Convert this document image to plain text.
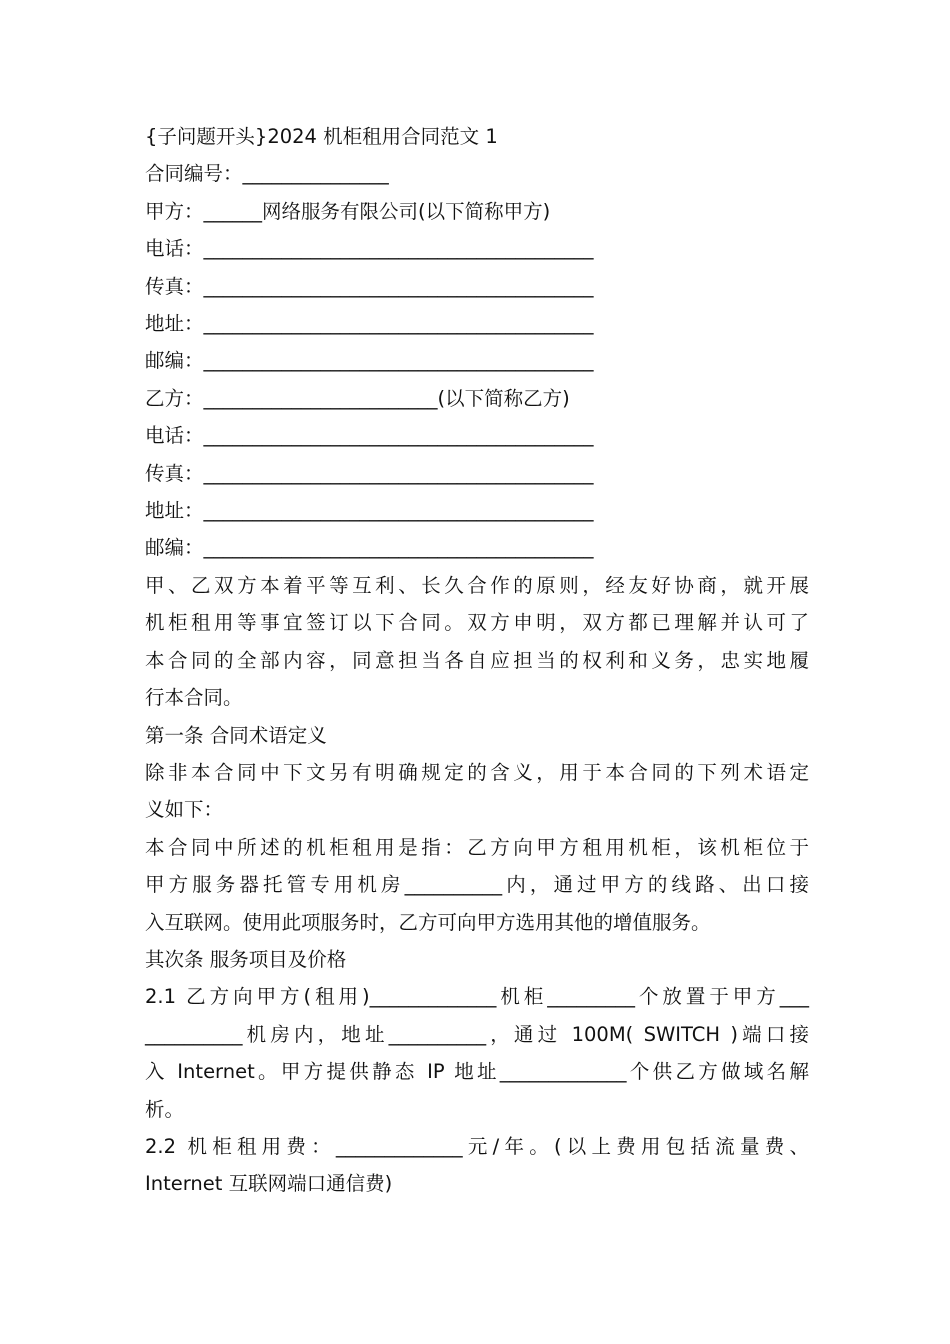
{子问题开头}2024 机柜租用合同范文 1

合同编号：_______________

甲方：______网络服务有限公司(以下简称甲方)

电话：________________________________________

传真：________________________________________

地址：________________________________________

邮编：________________________________________

乙方：________________________(以下简称乙方)

电话：________________________________________

传真：________________________________________

地址：________________________________________

邮编：________________________________________

甲、乙双方本着平等互利、长久合作的原则，经友好协商，就开展
机柜租用等事宜签订以下合同。双方申明，双方都已理解并认可了
本合同的全部内容，同意担当各自应担当的权利和义务，忠实地履
行本合同。

第一条 合同术语定义

除非本合同中下文另有明确规定的含义，用于本合同的下列术语定
义如下：
本合同中所述的机柜租用是指：乙方向甲方租用机柜，该机柜位于
甲方服务器托管专用机房__________内，通过甲方的线路、出口接
入互联网。使用此项服务时，乙方可向甲方选用其他的增值服务。

其次条 服务项目及价格

2.1 乙方向甲方(租用)_____________机柜_________个放置于甲方___
__________机房内，地址__________，通过 100M( SWITCH )端口接
入 Internet。甲方提供静态 IP 地址_____________个供乙方做域名解
析。
2.2 机柜租用费：_____________元/年。(以上费用包括流量费、
Internet 互联网端口通信费)
